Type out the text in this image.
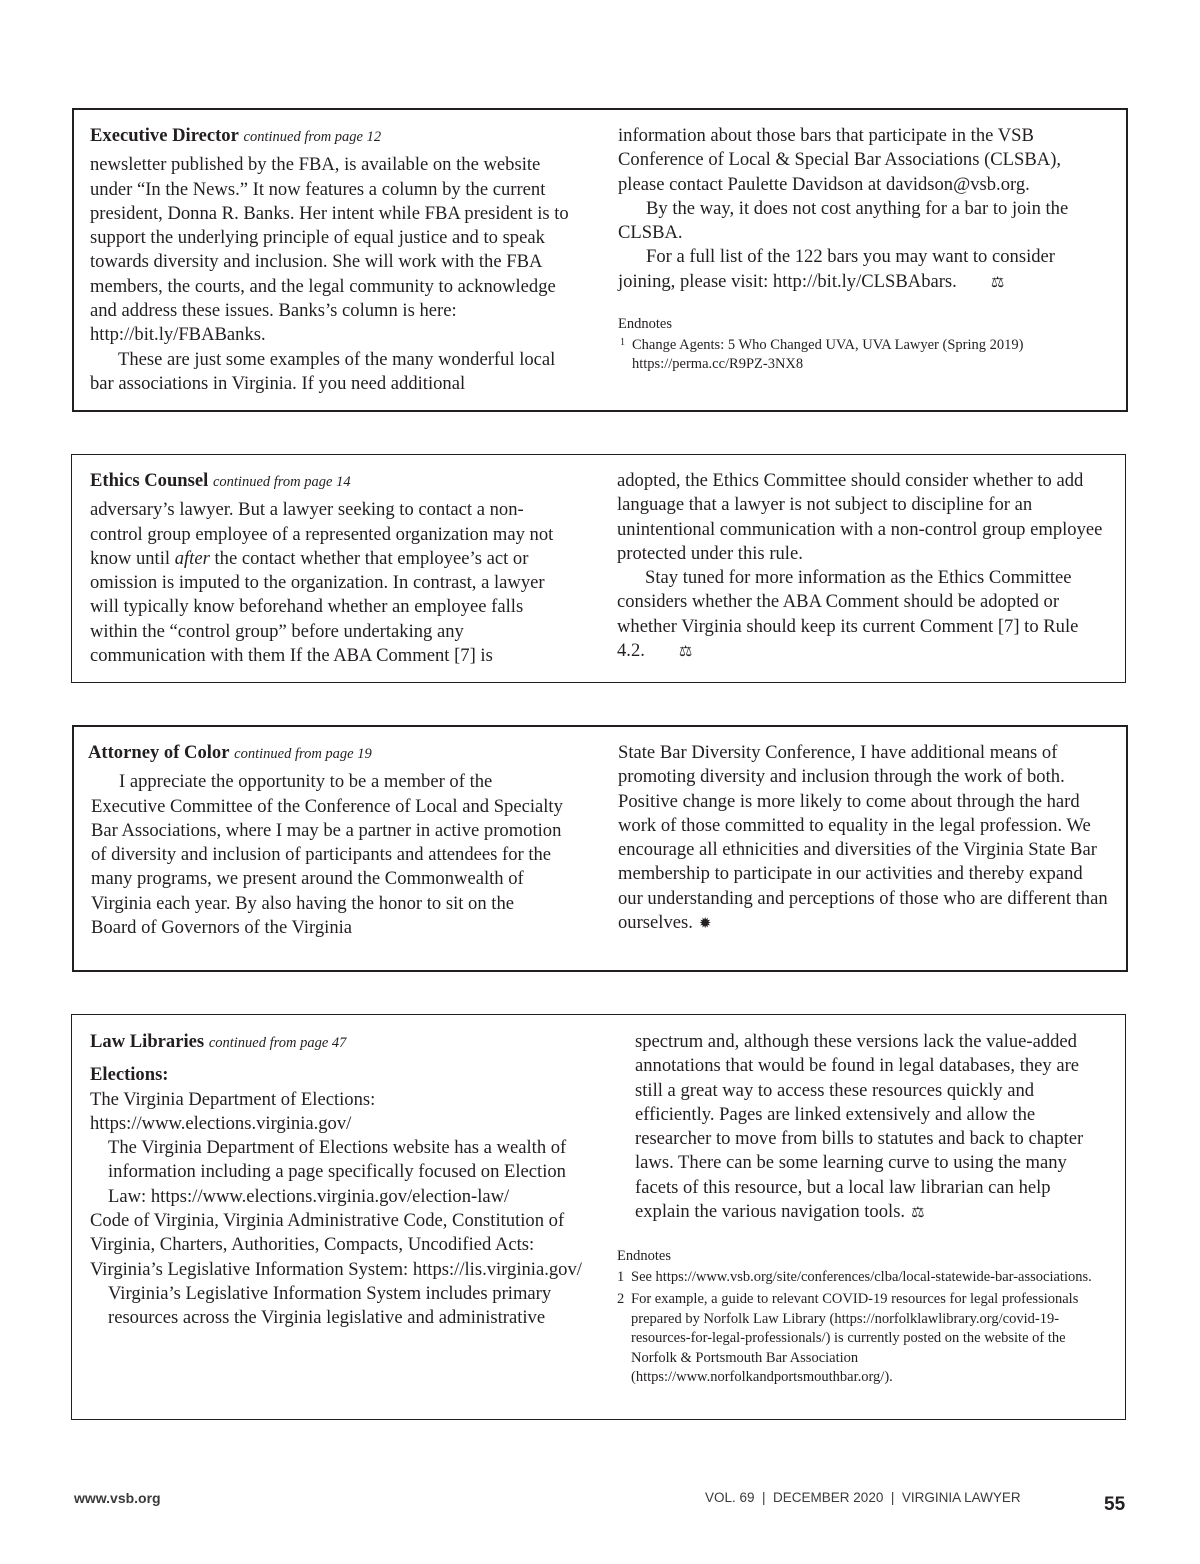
Executive Director continued from page 12

newsletter published by the FBA, is available on the website under “In the News.” It now features a column by the current president, Donna R. Banks. Her intent while FBA president is to support the underlying principle of equal justice and to speak towards diversity and inclusion. She will work with the FBA members, the courts, and the legal community to acknowledge and address these issues. Banks’s column is here: http://bit.ly/FBABanks.

These are just some examples of the many wonderful local bar associations in Virginia. If you need additional

information about those bars that participate in the VSB Conference of Local & Special Bar Associations (CLSBA), please contact Paulette Davidson at davidson@vsb.org.

By the way, it does not cost anything for a bar to join the CLSBA.

For a full list of the 122 bars you may want to consider joining, please visit: http://bit.ly/CLSBAbars. ⚖

Endnotes
1 Change Agents: 5 Who Changed UVA, UVA Lawyer (Spring 2019) https://perma.cc/R9PZ-3NX8
Ethics Counsel continued from page 14

adversary’s lawyer. But a lawyer seeking to contact a non-control group employee of a represented organization may not know until after the contact whether that employee’s act or omission is imputed to the organization. In contrast, a lawyer will typically know beforehand whether an employee falls within the “control group” before undertaking any communication with them If the ABA Comment [7] is

adopted, the Ethics Committee should consider whether to add language that a lawyer is not subject to discipline for an unintentional communication with a non-control group employee protected under this rule.

Stay tuned for more information as the Ethics Committee considers whether the ABA Comment should be adopted or whether Virginia should keep its current Comment [7] to Rule 4.2. ⚖

Attorney of Color continued from page 19

I appreciate the opportunity to be a member of the Executive Committee of the Conference of Local and Specialty Bar Associations, where I may be a partner in active promotion of diversity and inclusion of participants and attendees for the many programs, we present around the Commonwealth of Virginia each year. By also having the honor to sit on the Board of Governors of the Virginia

State Bar Diversity Conference, I have additional means of promoting diversity and inclusion through the work of both. Positive change is more likely to come about through the hard work of those committed to equality in the legal profession. We encourage all ethnicities and diversities of the Virginia State Bar membership to participate in our activities and thereby expand our understanding and perceptions of those who are different than ourselves. ✹

Law Libraries continued from page 47

Elections:

The Virginia Department of Elections: https://www.elections.virginia.gov/

The Virginia Department of Elections website has a wealth of information including a page specifically focused on Election Law: https://www.elections.virginia.gov/election-law/

Code of Virginia, Virginia Administrative Code, Constitution of Virginia, Charters, Authorities, Compacts, Uncodified Acts:

Virginia’s Legislative Information System: https://lis.virginia.gov/

Virginia’s Legislative Information System includes primary resources across the Virginia legislative and administrative

spectrum and, although these versions lack the value-added annotations that would be found in legal databases, they are still a great way to access these resources quickly and efficiently. Pages are linked extensively and allow the researcher to move from bills to statutes and back to chapter laws. There can be some learning curve to using the many facets of this resource, but a local law librarian can help explain the various navigation tools. ⚖

Endnotes
1 See https://www.vsb.org/site/conferences/clba/local-statewide-bar-associations.
2 For example, a guide to relevant COVID-19 resources for legal professionals prepared by Norfolk Law Library (https://norfolklawlibrary.org/covid-19-resources-for-legal-professionals/) is currently posted on the website of the Norfolk & Portsmouth Bar Association (https://www.norfolkandportsmouthbar.org/).
www.vsb.org	VOL. 69  |  DECEMBER 2020  |  VIRGINIA LAWYER	55
